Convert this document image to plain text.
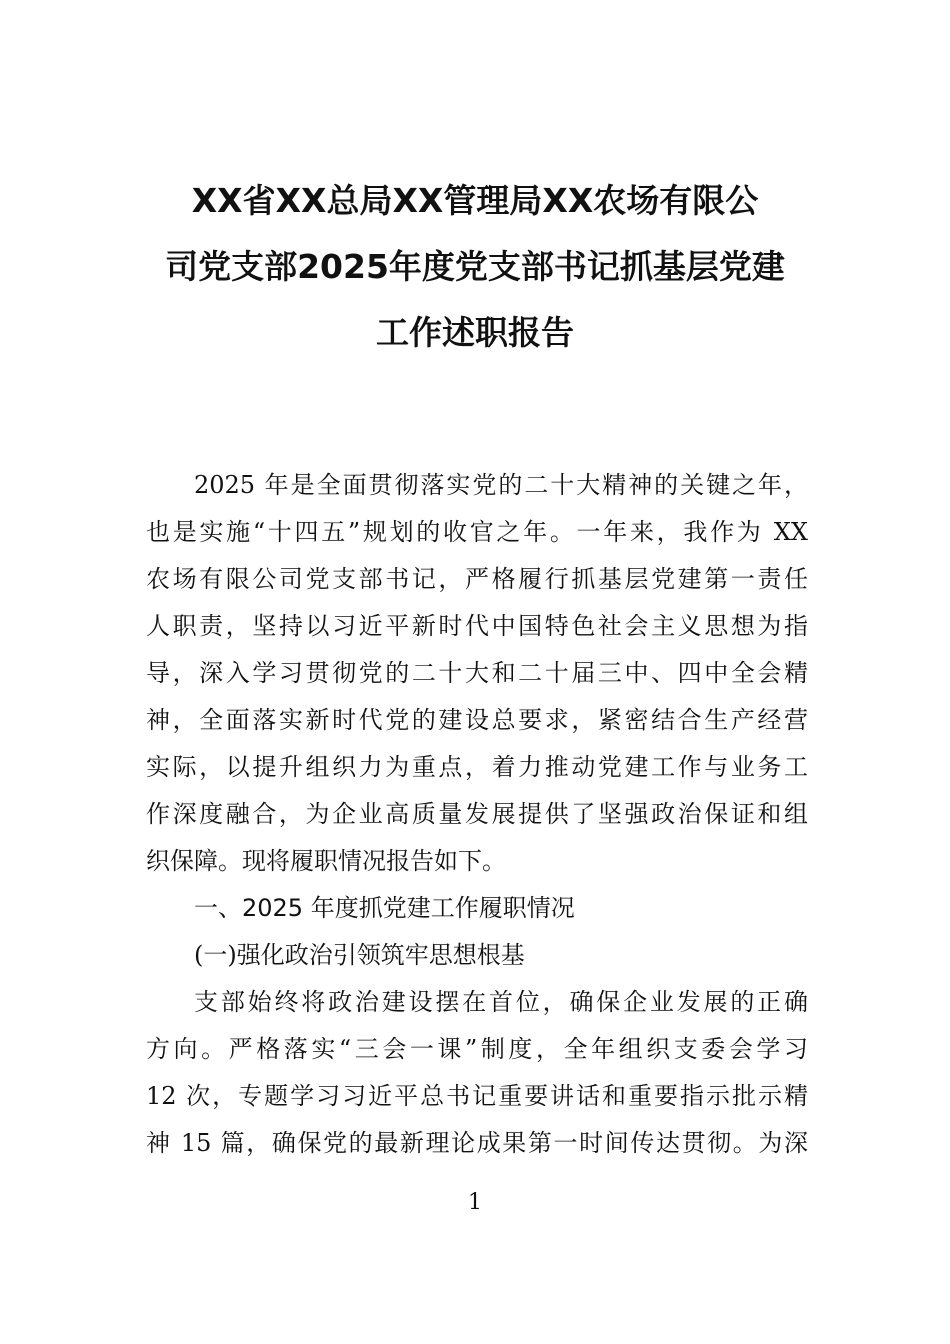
XX省XX总局XX管理局XX农场有限公
司党支部2025年度党支部书记抓基层党建
工作述职报告
2025 年是全面贯彻落实党的二十大精神的关键之年，
也是实施“十四五”规划的收官之年。一年来，我作为 XX
农场有限公司党支部书记，严格履行抓基层党建第一责任
人职责，坚持以习近平新时代中国特色社会主义思想为指
导，深入学习贯彻党的二十大和二十届三中、四中全会精
神，全面落实新时代党的建设总要求，紧密结合生产经营
实际，以提升组织力为重点，着力推动党建工作与业务工
作深度融合，为企业高质量发展提供了坚强政治保证和组
织保障。现将履职情况报告如下。
一、2025 年度抓党建工作履职情况
(一)强化政治引领筑牢思想根基
支部始终将政治建设摆在首位，确保企业发展的正确
方向。严格落实“三会一课”制度，全年组织支委会学习
12 次，专题学习习近平总书记重要讲话和重要指示批示精
神 15 篇，确保党的最新理论成果第一时间传达贯彻。为深
1
